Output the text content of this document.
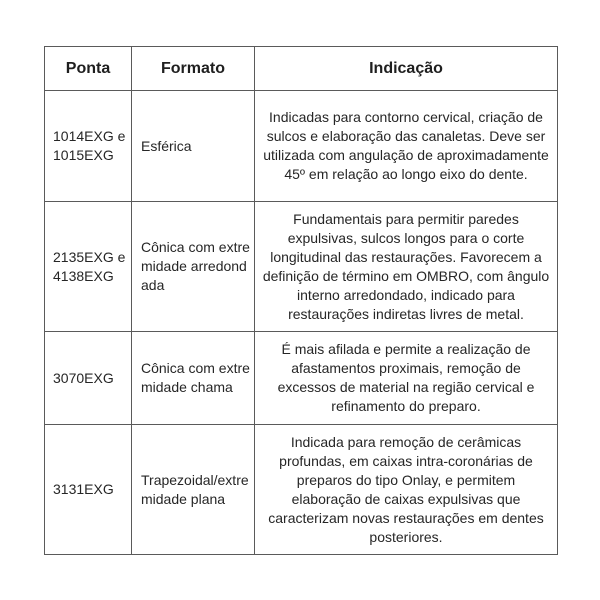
Ponta	Formato	Indicação

1014EXG e 1015EXG	Esférica	Indicadas para contorno cervical, criação de sulcos e elaboração das canaletas. Deve ser utilizada com angulação de aproximadamente 45º em relação ao longo eixo do dente.

2135EXG e 4138EXG	Cônica com extremidade arredondada	Fundamentais para permitir paredes expulsivas, sulcos longos para o corte longitudinal das restaurações. Favorecem a definição de término em OMBRO, com ângulo interno arredondado, indicado para restaurações indiretas livres de metal.

3070EXG	Cônica com extremidade chama	É mais afilada e permite a realização de afastamentos proximais, remoção de excessos de material na região cervical e refinamento do preparo.

3131EXG	Trapezoidal/extremidade plana	Indicada para remoção de cerâmicas profundas, em caixas intra-coronárias de preparos do tipo Onlay, e permitem elaboração de caixas expulsivas que caracterizam novas restaurações em dentes posteriores.
